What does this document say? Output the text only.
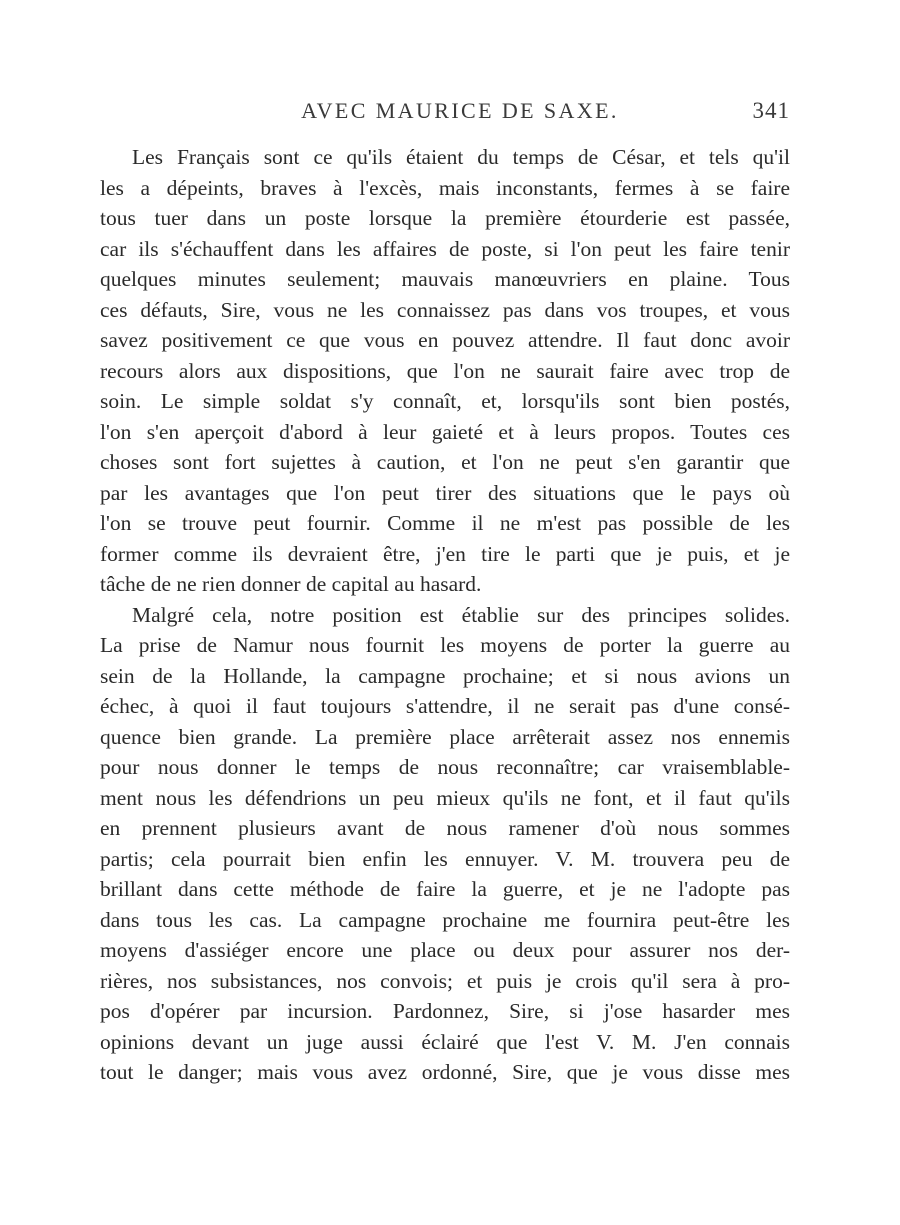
AVEC MAURICE DE SAXE.	341
Les Français sont ce qu'ils étaient du temps de César, et tels qu'il
les a dépeints, braves à l'excès, mais inconstants, fermes à se faire
tous tuer dans un poste lorsque la première étourderie est passée,
car ils s'échauffent dans les affaires de poste, si l'on peut les faire tenir
quelques minutes seulement; mauvais manœuvriers en plaine. Tous
ces défauts, Sire, vous ne les connaissez pas dans vos troupes, et vous
savez positivement ce que vous en pouvez attendre. Il faut donc avoir
recours alors aux dispositions, que l'on ne saurait faire avec trop de
soin. Le simple soldat s'y connaît, et, lorsqu'ils sont bien postés,
l'on s'en aperçoit d'abord à leur gaieté et à leurs propos. Toutes ces
choses sont fort sujettes à caution, et l'on ne peut s'en garantir que
par les avantages que l'on peut tirer des situations que le pays où
l'on se trouve peut fournir. Comme il ne m'est pas possible de les
former comme ils devraient être, j'en tire le parti que je puis, et je
tâche de ne rien donner de capital au hasard.
Malgré cela, notre position est établie sur des principes solides.
La prise de Namur nous fournit les moyens de porter la guerre au
sein de la Hollande, la campagne prochaine; et si nous avions un
échec, à quoi il faut toujours s'attendre, il ne serait pas d'une consé-
quence bien grande. La première place arrêterait assez nos ennemis
pour nous donner le temps de nous reconnaître; car vraisemblable-
ment nous les défendrions un peu mieux qu'ils ne font, et il faut qu'ils
en prennent plusieurs avant de nous ramener d'où nous sommes
partis; cela pourrait bien enfin les ennuyer. V. M. trouvera peu de
brillant dans cette méthode de faire la guerre, et je ne l'adopte pas
dans tous les cas. La campagne prochaine me fournira peut-être les
moyens d'assiéger encore une place ou deux pour assurer nos der-
rières, nos subsistances, nos convois; et puis je crois qu'il sera à pro-
pos d'opérer par incursion. Pardonnez, Sire, si j'ose hasarder mes
opinions devant un juge aussi éclairé que l'est V. M. J'en connais
tout le danger; mais vous avez ordonné, Sire, que je vous disse mes
